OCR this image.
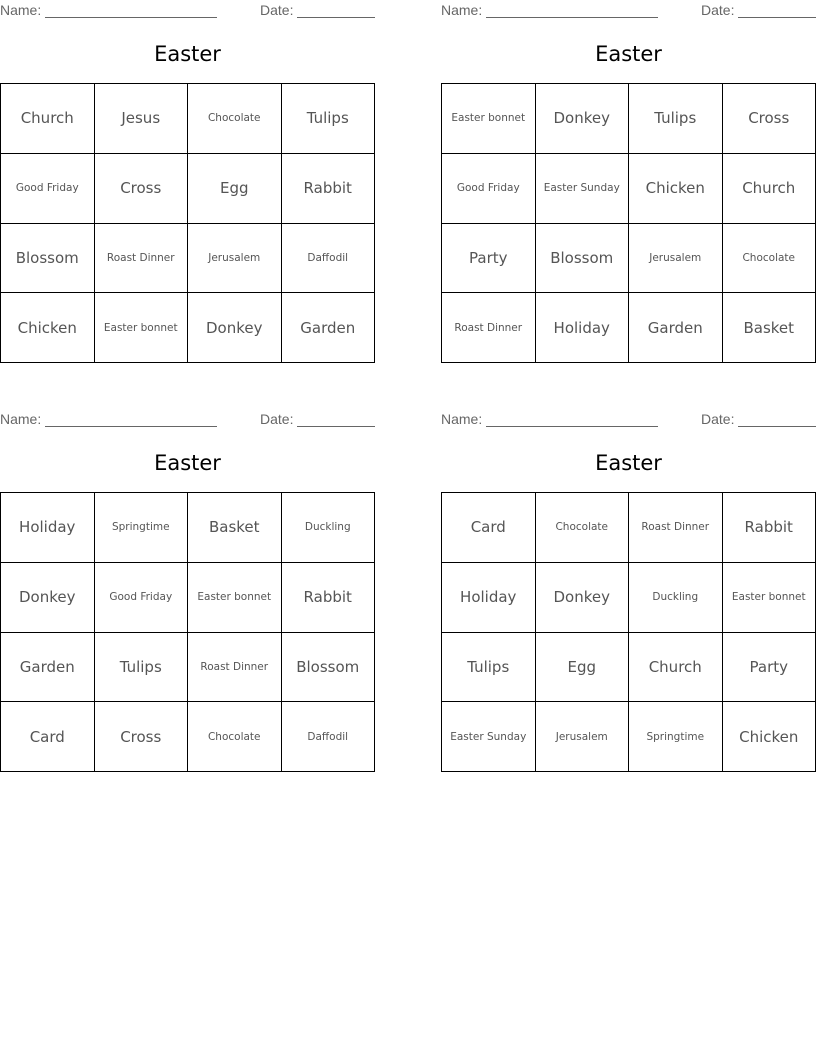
Name:	Date:
Easter
Church	Jesus	Chocolate	Tulips
Good Friday	Cross	Egg	Rabbit
Blossom	Roast Dinner	Jerusalem	Daffodil
Chicken	Easter bonnet	Donkey	Garden
Name:	Date:
Easter
Easter bonnet	Donkey	Tulips	Cross
Good Friday	Easter Sunday	Chicken	Church
Party	Blossom	Jerusalem	Chocolate
Roast Dinner	Holiday	Garden	Basket
Name:	Date:
Easter
Holiday	Springtime	Basket	Duckling
Donkey	Good Friday	Easter bonnet	Rabbit
Garden	Tulips	Roast Dinner	Blossom
Card	Cross	Chocolate	Daffodil
Name:	Date:
Easter
Card	Chocolate	Roast Dinner	Rabbit
Holiday	Donkey	Duckling	Easter bonnet
Tulips	Egg	Church	Party
Easter Sunday	Jerusalem	Springtime	Chicken
